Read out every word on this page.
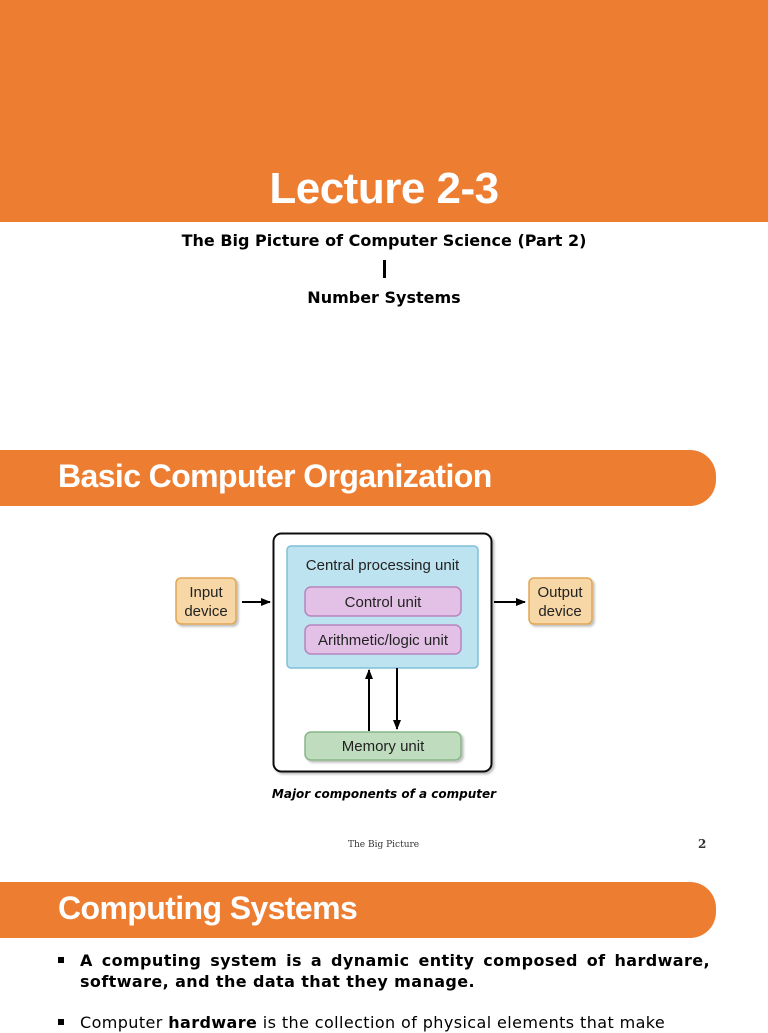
Lecture 2-3
The Big Picture of Computer Science (Part 2)
Number Systems
Basic Computer Organization
Central processing unit
Control unit
Arithmetic/logic unit
Memory unit
Input
device
Output
device
Major components of a computer
The Big Picture	2
Computing Systems
A computing system is a dynamic entity composed of hardware, software, and the data that they manage.
Computer hardware is the collection of physical elements that make
